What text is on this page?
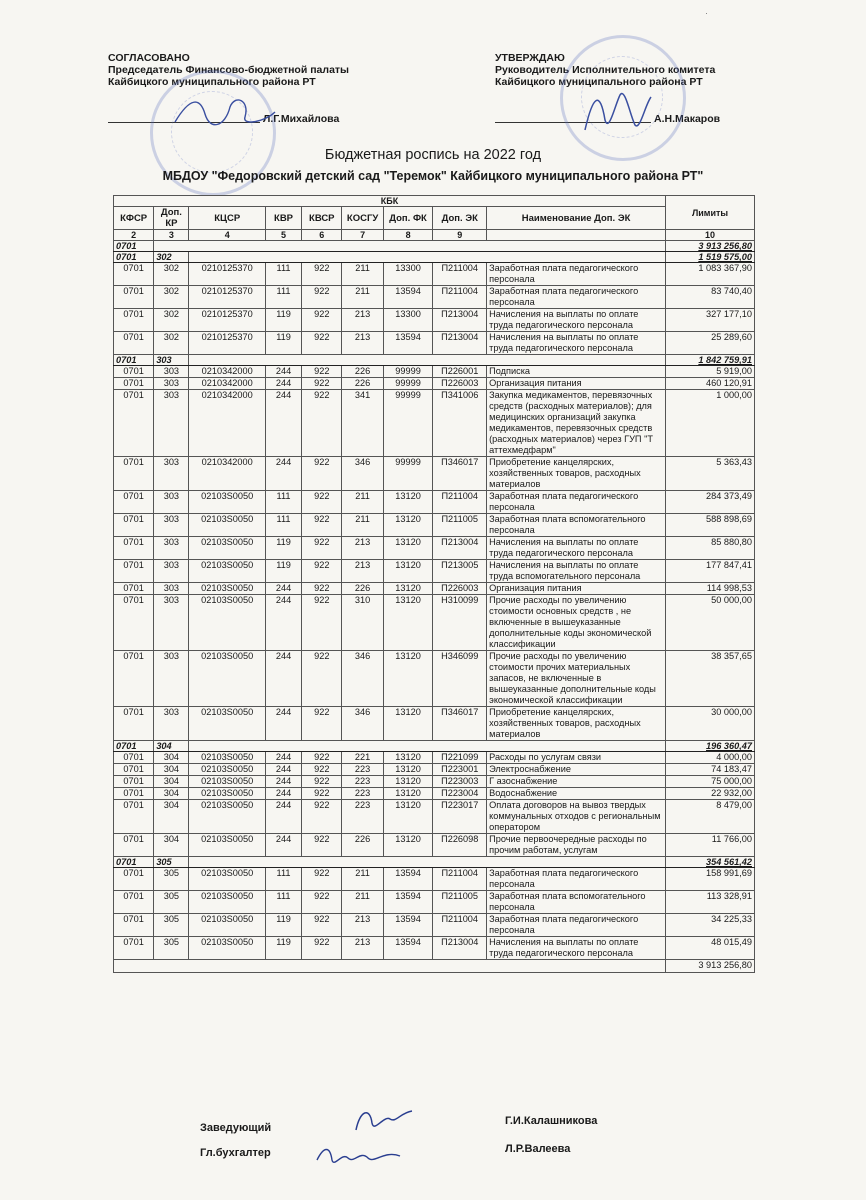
СОГЛАСОВАНО
Председатель Финансово-бюджетной палаты
Кайбицкого муниципального района РТ
Л.Г.Михайлова
УТВЕРЖДАЮ
Руководитель Исполнительного комитета
Кайбицкого муниципального района РТ
А.Н.Макаров
·
Бюджетная роспись на 2022 год
МБДОУ "Федоровский детский сад "Теремок" Кайбицкого муниципального района РТ"
КБК									Лимиты
КФСР	Доп. КР	КЦСР	КВР	КВСР	КОСГУ	Доп. ФК	Доп. ЭК	Наименование Доп. ЭК	
2	3	4	5	6	7	8	9		10
0701									3 913 256,80
0701	302								1 519 575,00
0701	302	0210125370	111	922	211	13300	П211004	Заработная плата педагогического персонала	1 083 367,90
0701	302	0210125370	111	922	211	13594	П211004	Заработная плата педагогического персонала	83 740,40
0701	302	0210125370	119	922	213	13300	П213004	Начисления на выплаты по оплате труда педагогического персонала	327 177,10
0701	302	0210125370	119	922	213	13594	П213004	Начисления на выплаты по оплате труда педагогического персонала	25 289,60
0701	303								1 842 759,91
0701	303	0210342000	244	922	226	99999	П226001	Подписка	5 919,00
0701	303	0210342000	244	922	226	99999	П226003	Организация питания	460 120,91
0701	303	0210342000	244	922	341	99999	П341006	Закупка медикаментов, перевязочных средств (расходных материалов); для медицинских организаций закупка медикаментов, перевязочных средств (расходных материалов) через ГУП "Т аттехмедфарм"	1 000,00
0701	303	0210342000	244	922	346	99999	П346017	Приобретение канцелярских, хозяйственных товаров, расходных материалов	5 363,43
0701	303	02103S0050	111	922	211	13120	П211004	Заработная плата педагогического персонала	284 373,49
0701	303	02103S0050	111	922	211	13120	П211005	Заработная плата вспомогательного персонала	588 898,69
0701	303	02103S0050	119	922	213	13120	П213004	Начисления на выплаты по оплате труда педагогического персонала	85 880,80
0701	303	02103S0050	119	922	213	13120	П213005	Начисления на выплаты по оплате труда вспомогательного персонала	177 847,41
0701	303	02103S0050	244	922	226	13120	П226003	Организация питания	114 998,53
0701	303	02103S0050	244	922	310	13120	Н310099	Прочие расходы по увеличению стоимости основных средств , не включенные в вышеуказанные дополнительные коды экономической классификации	50 000,00
0701	303	02103S0050	244	922	346	13120	Н346099	Прочие расходы по увеличению стоимости прочих материальных запасов, не включенные в вышеуказанные дополнительные коды экономической классификации	38 357,65
0701	303	02103S0050	244	922	346	13120	П346017	Приобретение канцелярских, хозяйственных товаров, расходных материалов	30 000,00
0701	304								196 360,47
0701	304	02103S0050	244	922	221	13120	П221099	Расходы по услугам связи	4 000,00
0701	304	02103S0050	244	922	223	13120	П223001	Электроснабжение	74 183,47
0701	304	02103S0050	244	922	223	13120	П223003	Г азоснабжение	75 000,00
0701	304	02103S0050	244	922	223	13120	П223004	Водоснабжение	22 932,00
0701	304	02103S0050	244	922	223	13120	П223017	Оплата договоров на вывоз твердых коммунальных отходов с региональным оператором	8 479,00
0701	304	02103S0050	244	922	226	13120	П226098	Прочие первоочередные расходы по прочим работам, услугам	11 766,00
0701	305								354 561,42
0701	305	02103S0050	111	922	211	13594	П211004	Заработная плата педагогического персонала	158 991,69
0701	305	02103S0050	111	922	211	13594	П211005	Заработная плата вспомогательного персонала	113 328,91
0701	305	02103S0050	119	922	213	13594	П211004	Заработная плата педагогического персонала	34 225,33
0701	305	02103S0050	119	922	213	13594	П213004	Начисления на выплаты по оплате труда педагогического персонала	48 015,49
									3 913 256,80
Заведующий
Г.И.Калашникова
Гл.бухгалтер	Л.Р.Валеева
